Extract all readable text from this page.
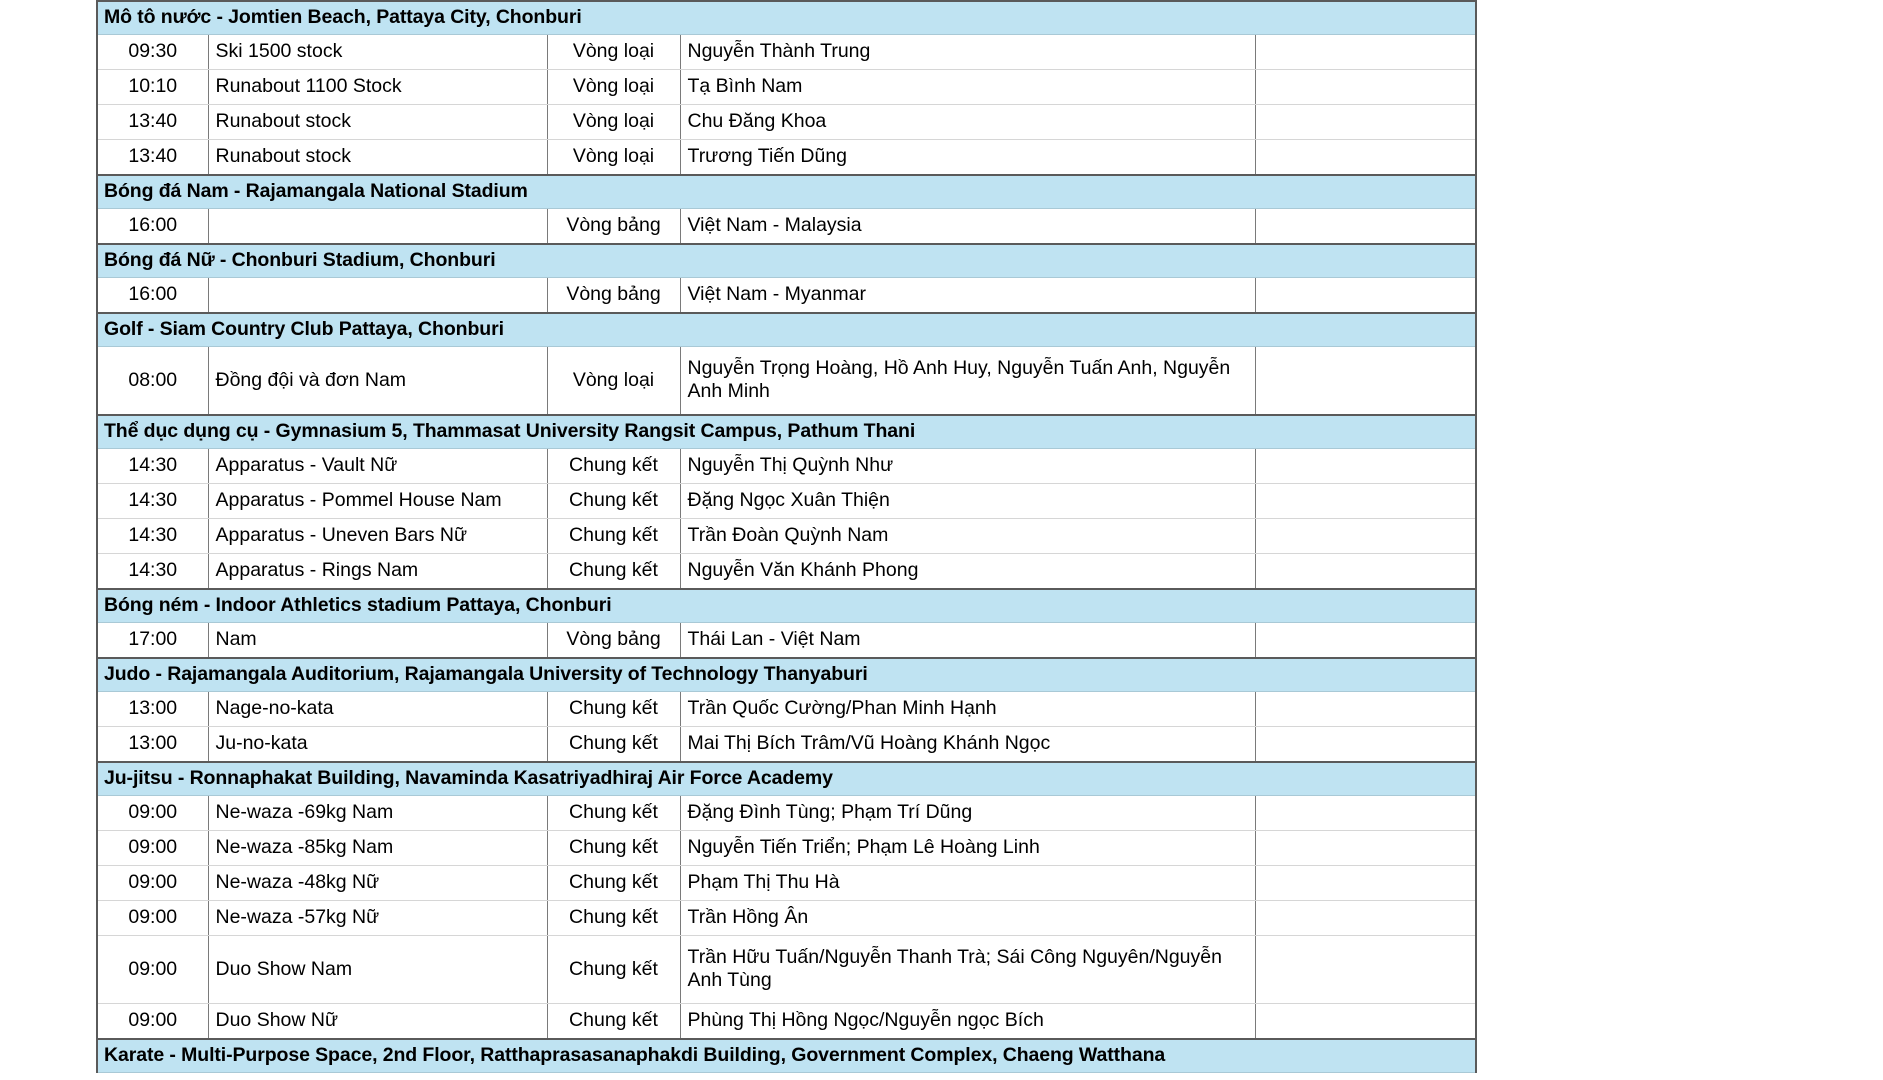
Mô tô nước - Jomtien Beach, Pattaya City, Chonburi				
09:30	Ski 1500 stock	Vòng loại	Nguyễn Thành Trung	
10:10	Runabout 1100 Stock	Vòng loại	Tạ Bình Nam	
13:40	Runabout stock	Vòng loại	Chu Đăng Khoa	
13:40	Runabout stock	Vòng loại	Trương Tiến Dũng	
Bóng đá Nam - Rajamangala National Stadium				
16:00		Vòng bảng	Việt Nam - Malaysia	
Bóng đá Nữ - Chonburi Stadium, Chonburi				
16:00		Vòng bảng	Việt Nam - Myanmar	
Golf - Siam Country Club Pattaya, Chonburi				
08:00	Đồng đội và đơn Nam	Vòng loại	Nguyễn Trọng Hoàng, Hồ Anh Huy, Nguyễn Tuấn Anh, Nguyễn Anh Minh	
Thể dục dụng cụ - Gymnasium 5, Thammasat University Rangsit Campus, Pathum Thani				
14:30	Apparatus - Vault Nữ	Chung kết	Nguyễn Thị Quỳnh Như	
14:30	Apparatus - Pommel House Nam	Chung kết	Đặng Ngọc Xuân Thiện	
14:30	Apparatus - Uneven Bars Nữ	Chung kết	Trần Đoàn Quỳnh Nam	
14:30	Apparatus - Rings Nam	Chung kết	Nguyễn Văn Khánh Phong	
Bóng ném - Indoor Athletics stadium Pattaya, Chonburi				
17:00	Nam	Vòng bảng	Thái Lan - Việt Nam	
Judo - Rajamangala Auditorium, Rajamangala University of Technology Thanyaburi				
13:00	Nage-no-kata	Chung kết	Trần Quốc Cường/Phan Minh Hạnh	
13:00	Ju-no-kata	Chung kết	Mai Thị Bích Trâm/Vũ Hoàng Khánh Ngọc	
Ju-jitsu - Ronnaphakat Building, Navaminda Kasatriyadhiraj Air Force Academy				
09:00	Ne-waza -69kg Nam	Chung kết	Đặng Đình Tùng; Phạm Trí Dũng	
09:00	Ne-waza -85kg Nam	Chung kết	Nguyễn Tiến Triển; Phạm Lê Hoàng Linh	
09:00	Ne-waza -48kg Nữ	Chung kết	Phạm Thị Thu Hà	
09:00	Ne-waza -57kg Nữ	Chung kết	Trần Hồng Ân	
09:00	Duo Show Nam	Chung kết	Trần Hữu Tuấn/Nguyễn Thanh Trà; Sái Công Nguyên/Nguyễn Anh Tùng	
09:00	Duo Show Nữ	Chung kết	Phùng Thị Hồng Ngọc/Nguyễn ngọc Bích	
Karate - Multi-Purpose Space, 2nd Floor, Ratthaprasasanaphakdi Building, Government Complex, Chaeng Watthana				
